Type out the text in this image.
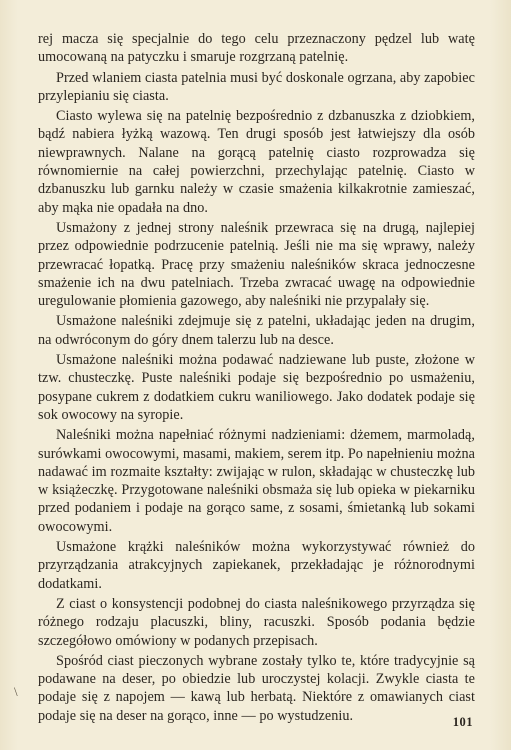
rej macza się specjalnie do tego celu przeznaczony pędzel lub watę umocowaną na patyczku i smaruje rozgrzaną patelnię.

Przed wlaniem ciasta patelnia musi być doskonale ogrzana, aby zapobiec przylepianiu się ciasta.

Ciasto wylewa się na patelnię bezpośrednio z dzbanuszka z dziobkiem, bądź nabiera łyżką wazową. Ten drugi sposób jest łatwiejszy dla osób niewprawnych. Nalane na gorącą patelnię ciasto rozprowadza się równomiernie na całej powierzchni, przechylając patelnię. Ciasto w dzbanuszku lub garnku należy w czasie smażenia kilkakrotnie zamieszać, aby mąka nie opadała na dno.

Usmażony z jednej strony naleśnik przewraca się na drugą, najlepiej przez odpowiednie podrzucenie patelnią. Jeśli nie ma się wprawy, należy przewracać łopatką. Pracę przy smażeniu naleśników skraca jednoczesne smażenie ich na dwu patelniach. Trzeba zwracać uwagę na odpowiednie uregulowanie płomienia gazowego, aby naleśniki nie przypalały się.

Usmażone naleśniki zdejmuje się z patelni, układając jeden na drugim, na odwróconym do góry dnem talerzu lub na desce.

Usmażone naleśniki można podawać nadziewane lub puste, złożone w tzw. chusteczkę. Puste naleśniki podaje się bezpośrednio po usmażeniu, posypane cukrem z dodatkiem cukru waniliowego. Jako dodatek podaje się sok owocowy na syropie.

Naleśniki można napełniać różnymi nadzieniami: dżemem, marmoladą, surówkami owocowymi, masami, makiem, serem itp. Po napełnieniu można nadawać im rozmaite kształty: zwijając w rulon, składając w chusteczkę lub w książeczkę. Przygotowane naleśniki obsmaża się lub opieka w piekarniku przed podaniem i podaje na gorąco same, z sosami, śmietanką lub sokami owocowymi.

Usmażone krążki naleśników można wykorzystywać również do przyrządzania atrakcyjnych zapiekanek, przekładając je różnorodnymi dodatkami.

Z ciast o konsystencji podobnej do ciasta naleśnikowego przyrządza się różnego rodzaju placuszki, bliny, racuszki. Sposób podania będzie szczegółowo omówiony w podanych przepisach.

Spośród ciast pieczonych wybrane zostały tylko te, które tradycyjnie są podawane na deser, po obiedzie lub uroczystej kolacji. Zwykle ciasta te podaje się z napojem — kawą lub herbatą. Niektóre z omawianych ciast podaje się na deser na gorąco, inne — po wystudzeniu.

\
101
